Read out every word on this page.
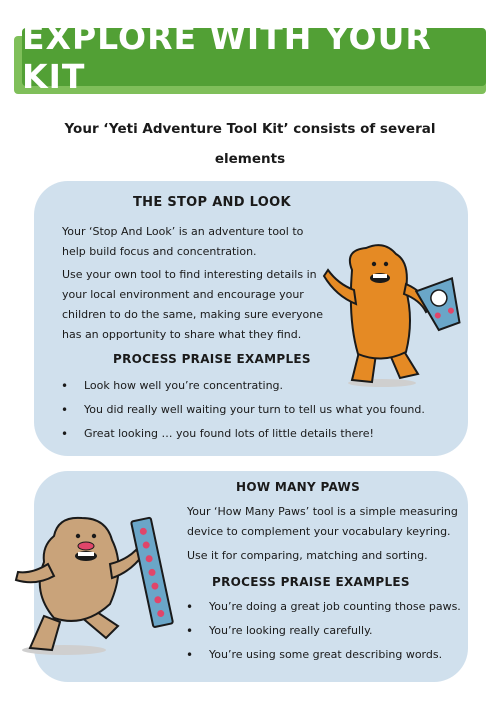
EXPLORE WITH YOUR KIT
Your ‘Yeti Adventure Tool Kit’ consists of several elements
THE STOP AND LOOK
Your ‘Stop And Look’ is an adventure tool to
help build focus and concentration.
Use your own tool to find interesting details in
your local environment and encourage your
children to do the same, making sure everyone
has an opportunity to share what they find.
PROCESS PRAISE EXAMPLES
• Look how well you’re concentrating.
• You did really well waiting your turn to tell us what you found.
• Great looking … you found lots of little details there!
HOW MANY PAWS
Your ‘How Many Paws’ tool is a simple measuring
device to complement your vocabulary keyring.
Use it for comparing, matching and sorting.
PROCESS PRAISE EXAMPLES
• You’re doing a great job counting those paws.
• You’re looking really carefully.
• You’re using some great describing words.
